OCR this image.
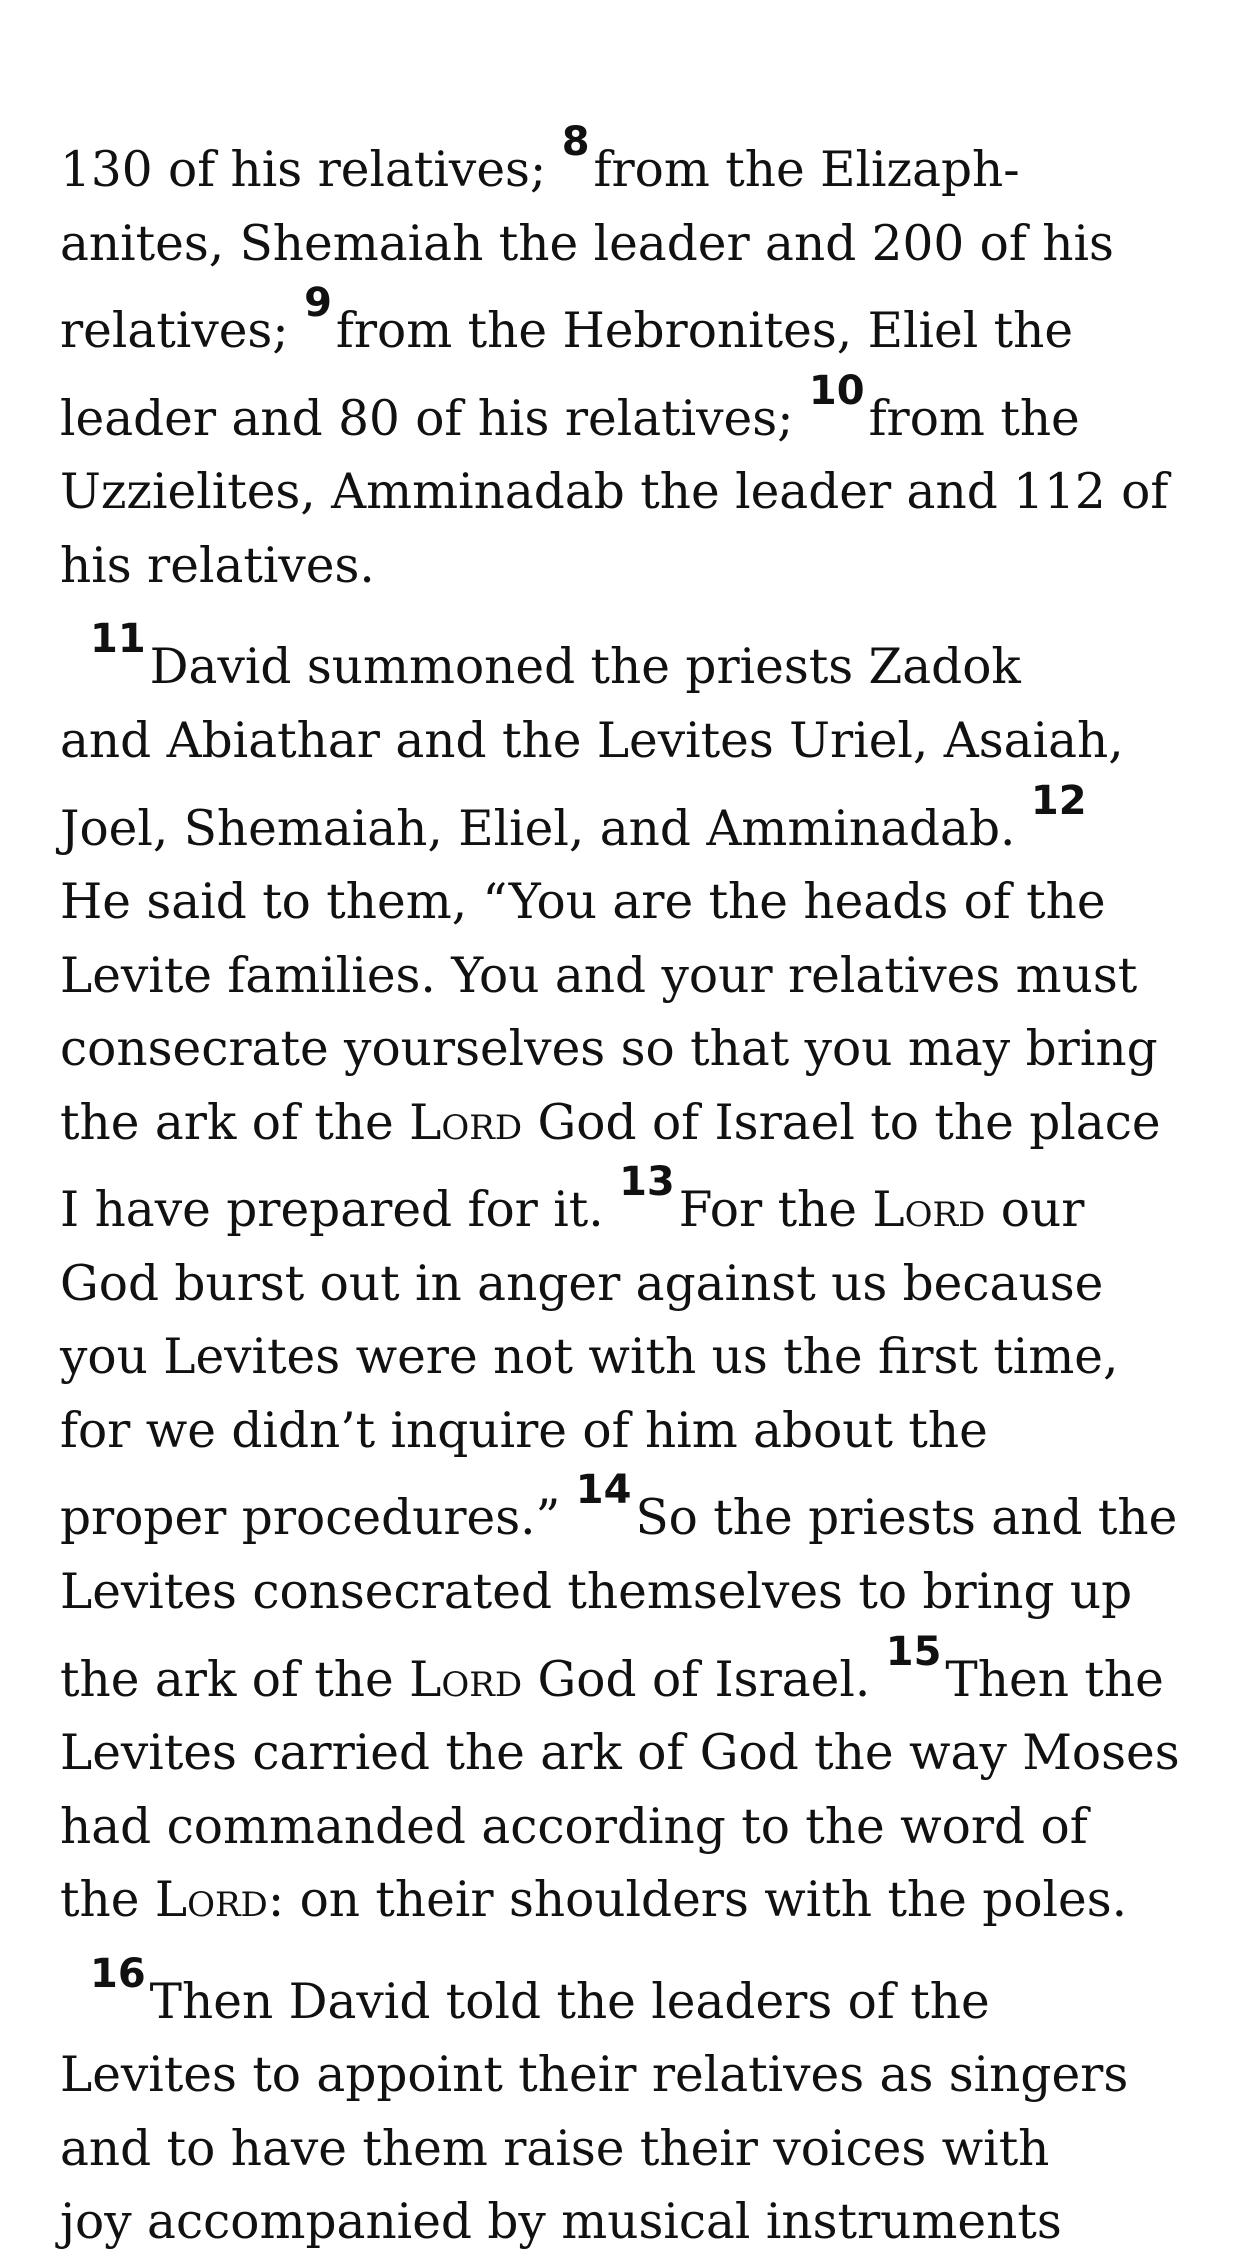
130 of his relatives; $^8$from the Elizaph-
anites, Shemaiah the leader and 200 of his
relatives; $^9$from the Hebronites, Eliel the
leader and 80 of his relatives; $^{10}$from the
Uzzielites, Amminadab the leader and 112 of
his relatives.

$^{11}$David summoned the priests Zadok
and Abiathar and the Levites Uriel, Asaiah,
Joel, Shemaiah, Eliel, and Amminadab. $^{12}$
He said to them, “You are the heads of the
Levite families. You and your relatives must
consecrate yourselves so that you may bring
the ark of the Lord God of Israel to the place
I have prepared for it. $^{13}$For the Lord our
God burst out in anger against us because
you Levites were not with us the first time,
for we didn’t inquire of him about the
proper procedures.” $^{14}$So the priests and the
Levites consecrated themselves to bring up
the ark of the Lord God of Israel. $^{15}$Then the
Levites carried the ark of God the way Moses
had commanded according to the word of
the Lord: on their shoulders with the poles.

$^{16}$Then David told the leaders of the
Levites to appoint their relatives as singers
and to have them raise their voices with
joy accompanied by musical instruments
